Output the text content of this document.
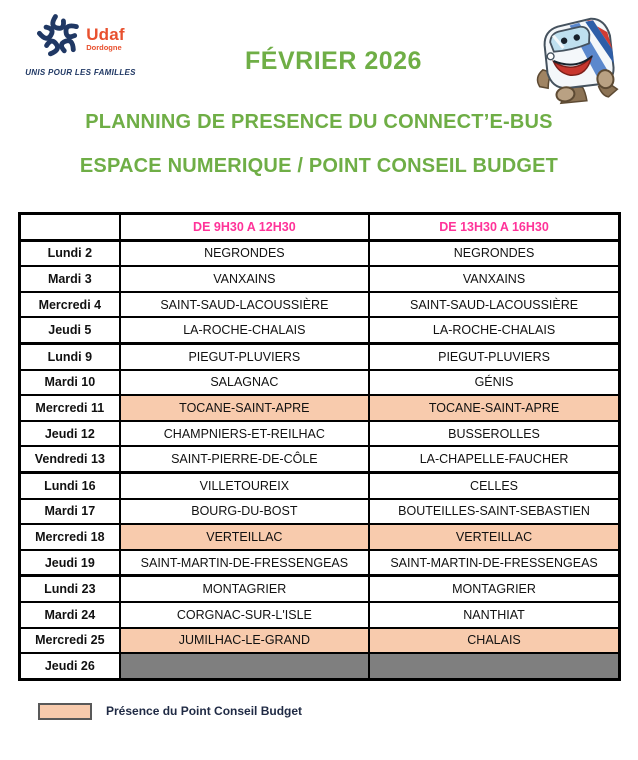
Udaf
Dordogne
UNIS POUR LES FAMILLES	FÉVRIER 2026
PLANNING DE PRESENCE DU CONNECT’E-BUS
ESPACE NUMERIQUE / POINT CONSEIL BUDGET
	DE 9H30 A 12H30	DE 13H30 A 16H30
Lundi 2	NEGRONDES	NEGRONDES
Mardi 3	VANXAINS	VANXAINS
Mercredi 4	SAINT-SAUD-LACOUSSIÈRE	SAINT-SAUD-LACOUSSIÈRE
Jeudi 5	LA-ROCHE-CHALAIS	LA-ROCHE-CHALAIS
Lundi 9	PIEGUT-PLUVIERS	PIEGUT-PLUVIERS
Mardi 10	SALAGNAC	GÉNIS
Mercredi 11	TOCANE-SAINT-APRE	TOCANE-SAINT-APRE
Jeudi 12	CHAMPNIERS-ET-REILHAC	BUSSEROLLES
Vendredi 13	SAINT-PIERRE-DE-CÔLE	LA-CHAPELLE-FAUCHER
Lundi 16	VILLETOUREIX	CELLES
Mardi 17	BOURG-DU-BOST	BOUTEILLES-SAINT-SEBASTIEN
Mercredi 18	VERTEILLAC	VERTEILLAC
Jeudi 19	SAINT-MARTIN-DE-FRESSENGEAS	SAINT-MARTIN-DE-FRESSENGEAS
Lundi 23	MONTAGRIER	MONTAGRIER
Mardi 24	CORGNAC-SUR-L'ISLE	NANTHIAT
Mercredi 25	JUMILHAC-LE-GRAND	CHALAIS
Jeudi 26		
Présence du Point Conseil Budget
